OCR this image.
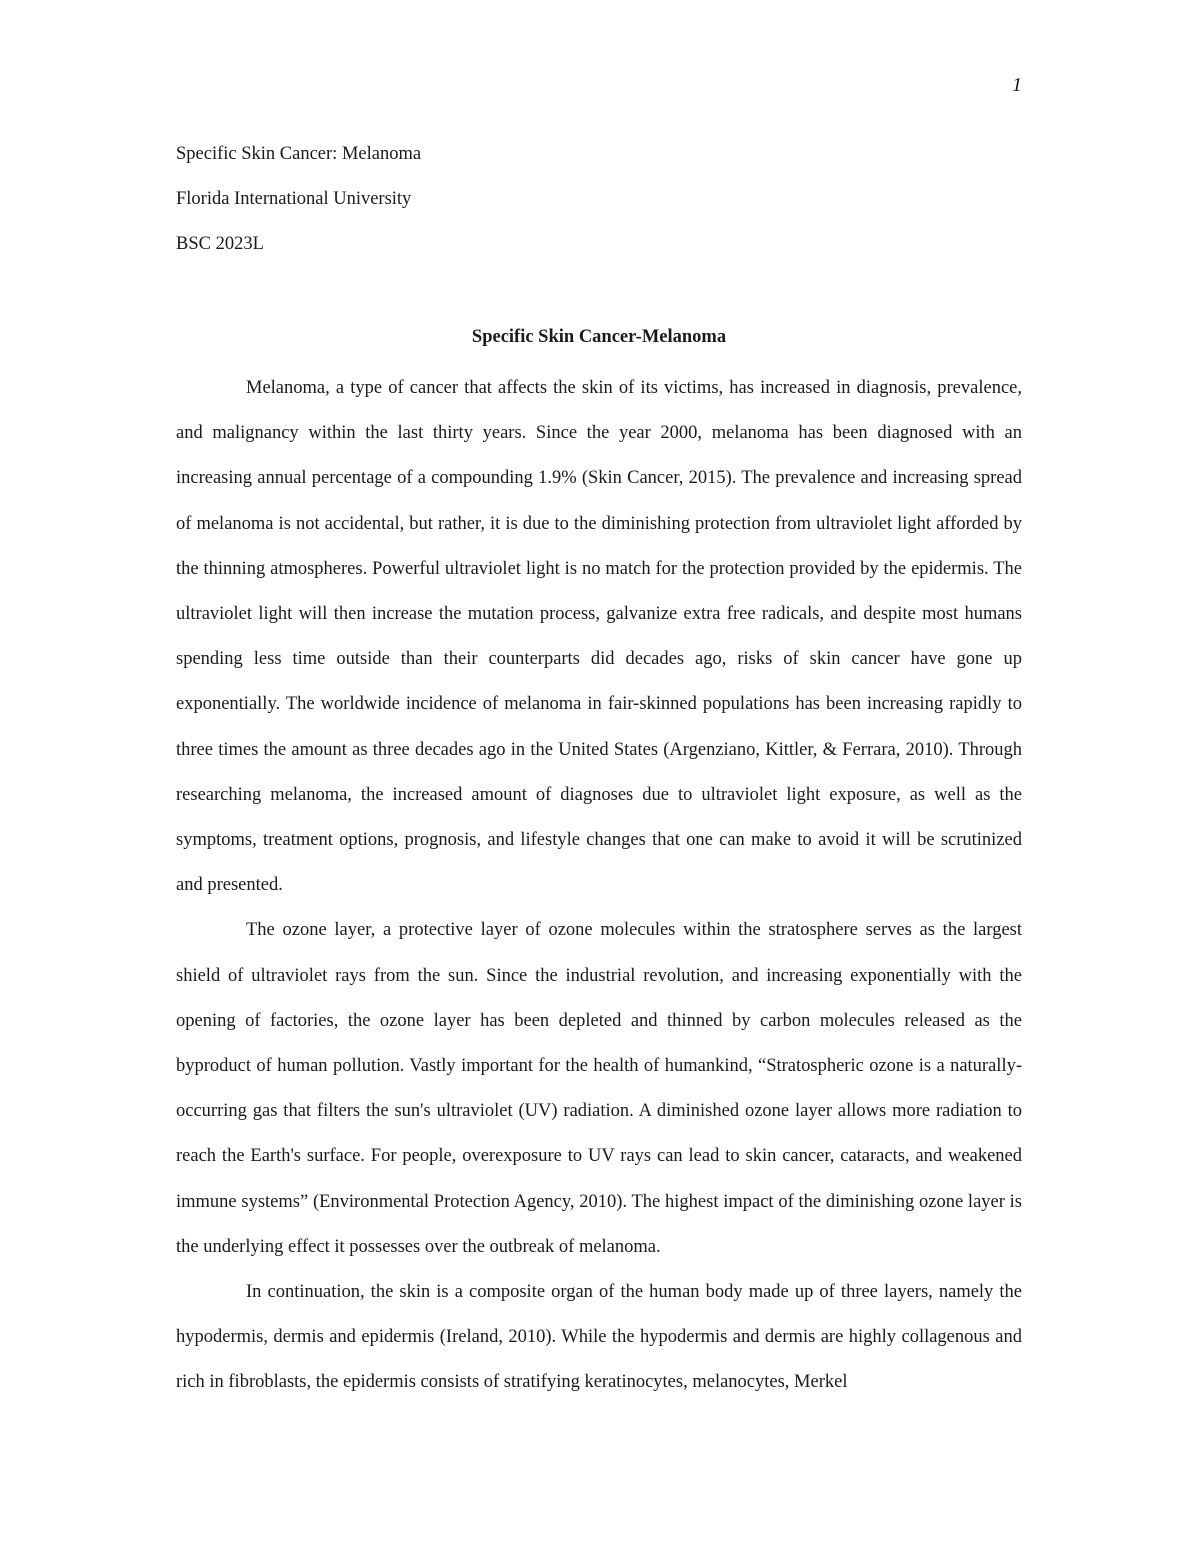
1
Specific Skin Cancer: Melanoma
Florida International University
BSC 2023L
Specific Skin Cancer-Melanoma

Melanoma, a type of cancer that affects the skin of its victims, has increased in diagnosis, prevalence, and malignancy within the last thirty years. Since the year 2000, melanoma has been diagnosed with an increasing annual percentage of a compounding 1.9% (Skin Cancer, 2015). The prevalence and increasing spread of melanoma is not accidental, but rather, it is due to the diminishing protection from ultraviolet light afforded by the thinning atmospheres. Powerful ultraviolet light is no match for the protection provided by the epidermis. The ultraviolet light will then increase the mutation process, galvanize extra free radicals, and despite most humans spending less time outside than their counterparts did decades ago, risks of skin cancer have gone up exponentially. The worldwide incidence of melanoma in fair-skinned populations has been increasing rapidly to three times the amount as three decades ago in the United States (Argenziano, Kittler, & Ferrara, 2010). Through researching melanoma, the increased amount of diagnoses due to ultraviolet light exposure, as well as the symptoms, treatment options, prognosis, and lifestyle changes that one can make to avoid it will be scrutinized and presented.

The ozone layer, a protective layer of ozone molecules within the stratosphere serves as the largest shield of ultraviolet rays from the sun. Since the industrial revolution, and increasing exponentially with the opening of factories, the ozone layer has been depleted and thinned by carbon molecules released as the byproduct of human pollution. Vastly important for the health of humankind, “Stratospheric ozone is a naturally-occurring gas that filters the sun's ultraviolet (UV) radiation. A diminished ozone layer allows more radiation to reach the Earth's surface. For people, overexposure to UV rays can lead to skin cancer, cataracts, and weakened immune systems” (Environmental Protection Agency, 2010). The highest impact of the diminishing ozone layer is the underlying effect it possesses over the outbreak of melanoma.

In continuation, the skin is a composite organ of the human body made up of three layers, namely the hypodermis, dermis and epidermis (Ireland, 2010). While the hypodermis and dermis are highly collagenous and rich in fibroblasts, the epidermis consists of stratifying keratinocytes, melanocytes, Merkel
